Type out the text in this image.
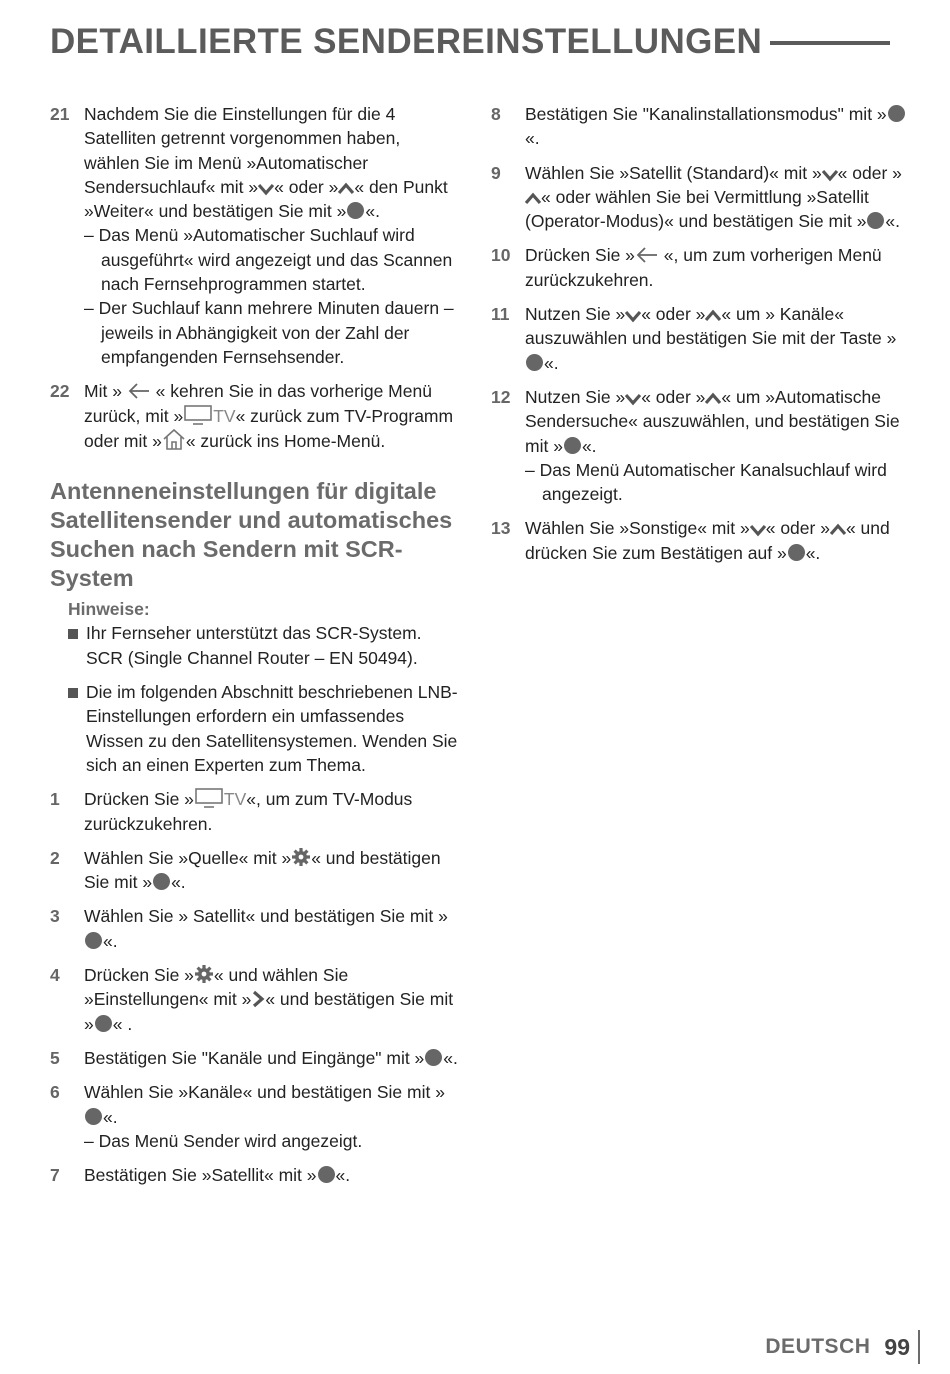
DETAILLIERTE SENDEREINSTELLUNGEN
21 Nachdem Sie die Einstellungen für die 4 Satelliten getrennt vorgenommen haben, wählen Sie im Menü »Automatischer Sendersuchlauf« mit » « oder » « den Punkt »Weiter« und bestätigen Sie mit » «.
– Das Menü »Automatischer Suchlauf wird ausgeführt« wird angezeigt und das Scannen nach Fernsehprogrammen startet.
– Der Suchlauf kann mehrere Minuten dauern – jeweils in Abhängigkeit von der Zahl der empfangenden Fernsehsender.
22 Mit »  « kehren Sie in das vorherige Menü zurück, mit » TV« zurück zum TV-Programm oder mit » « zurück ins Home-Menü.
Antenneneinstellungen für digitale Satellitensender und automatisches Suchen nach Sendern mit SCR-System
Hinweise:
Ihr Fernseher unterstützt das SCR-System. SCR (Single Channel Router – EN 50494).
Die im folgenden Abschnitt beschriebenen LNB-Einstellungen erfordern ein umfassendes Wissen zu den Satellitensystemen. Wenden Sie sich an einen Experten zum Thema.
1	Drücken Sie » TV«, um zum TV-Modus zurückzukehren.
2	Wählen Sie »Quelle« mit » « und bestätigen Sie mit » «.
3	Wählen Sie » Satellit« und bestätigen Sie mit »«.
4	Drücken Sie » « und wählen Sie »Einstellungen« mit » « und bestätigen Sie mit » « .
5	Bestätigen Sie "Kanäle und Eingänge" mit » «.
6	Wählen Sie »Kanäle« und bestätigen Sie mit »«.
– Das Menü Sender wird angezeigt.
7	Bestätigen Sie »Satellit« mit » «.
8	Bestätigen Sie "Kanalinstallationsmodus" mit »«.
9	Wählen Sie »Satellit (Standard)« mit » « oder »« oder wählen Sie bei Vermittlung »Satellit (Operator-Modus)« und bestätigen Sie mit » «.
10 Drücken Sie » «, um zum vorherigen Menü zurückzukehren.
11 Nutzen Sie » « oder » « um » Kanäle« auszuwählen und bestätigen Sie mit der Taste »«.
12 Nutzen Sie » « oder » « um »Automatische Sendersuche« auszuwählen, und bestätigen Sie mit » «.
– Das Menü Automatischer Kanalsuchlauf wird angezeigt.
13 Wählen Sie »Sonstige« mit » « oder » « und drücken Sie zum Bestätigen auf » «.
DEUTSCH 99
